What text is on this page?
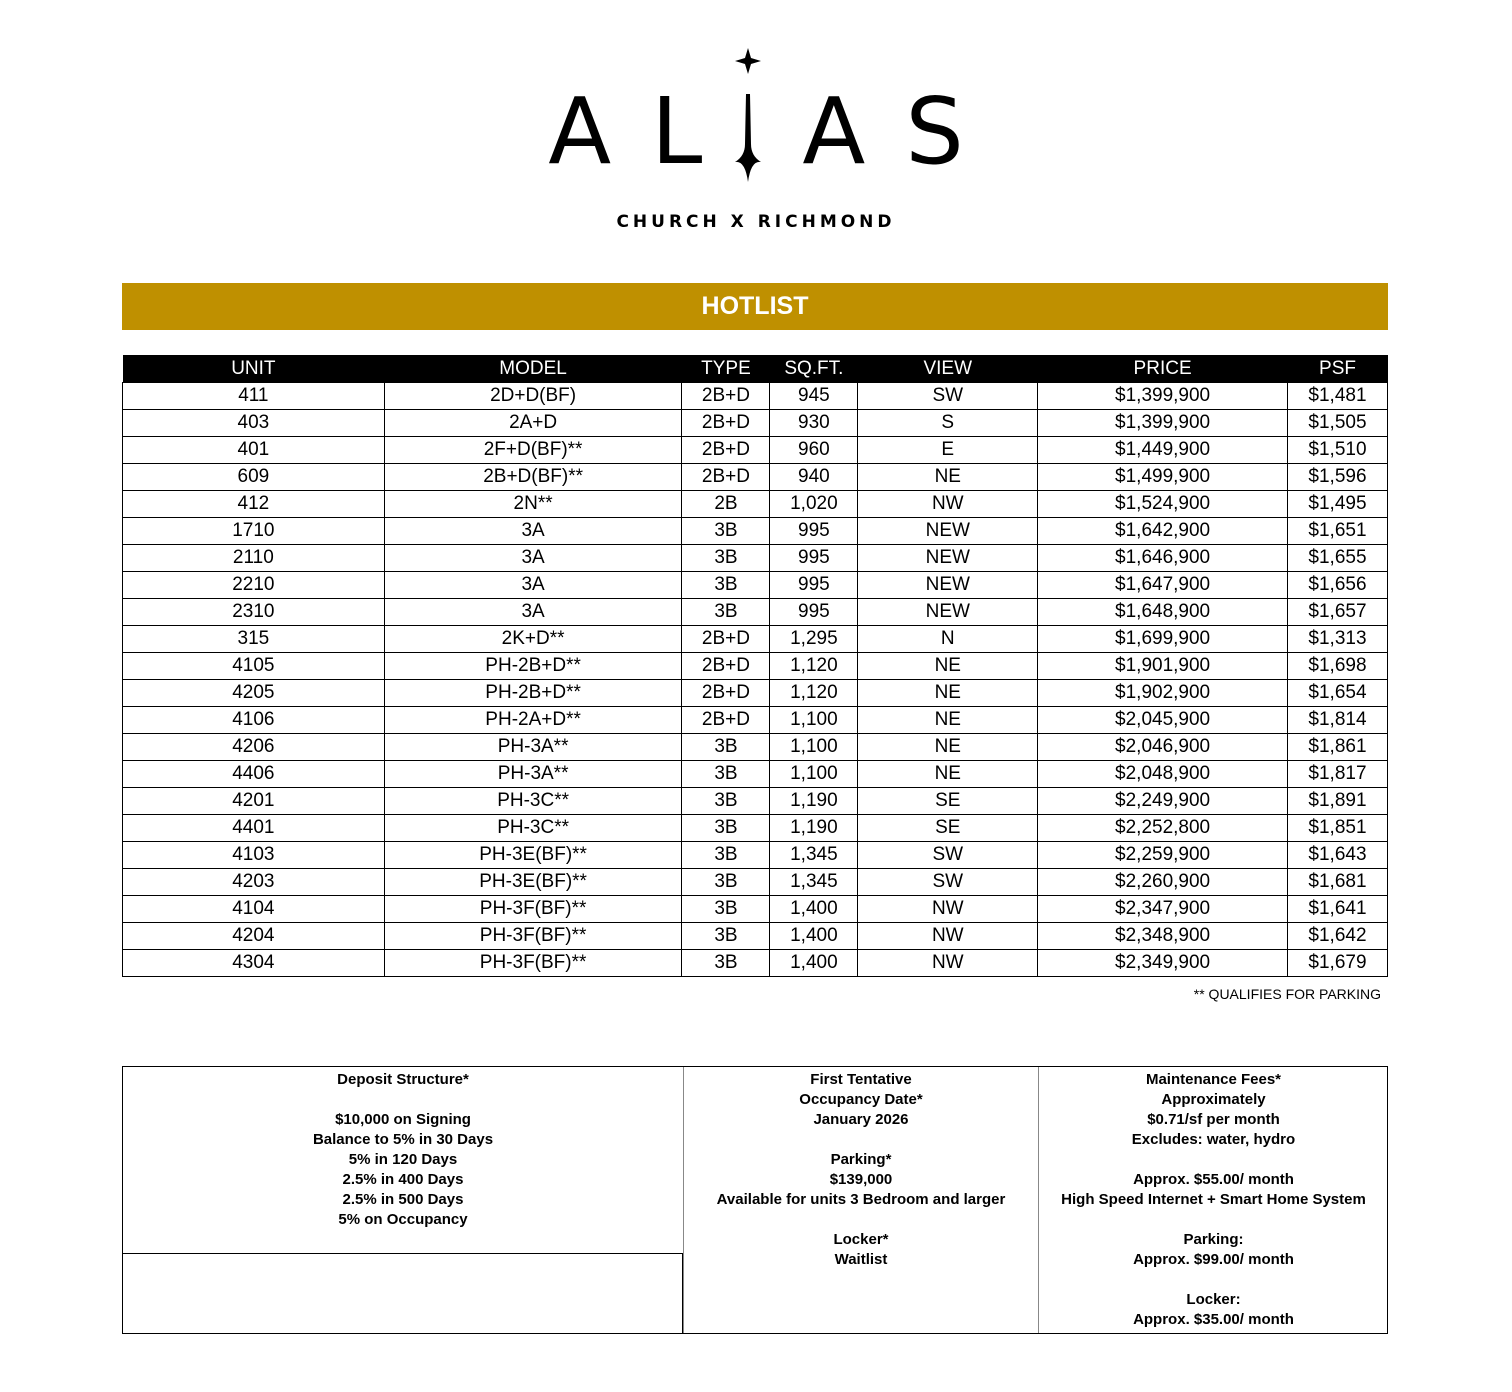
AL AS
CHURCH X RICHMOND
HOTLIST
UNIT	MODEL	TYPE	SQ.FT.	VIEW	PRICE	PSF
411	2D+D(BF)	2B+D	945	SW	$1,399,900	$1,481
403	2A+D	2B+D	930	S	$1,399,900	$1,505
401	2F+D(BF)**	2B+D	960	E	$1,449,900	$1,510
609	2B+D(BF)**	2B+D	940	NE	$1,499,900	$1,596
412	2N**	2B	1,020	NW	$1,524,900	$1,495
1710	3A	3B	995	NEW	$1,642,900	$1,651
2110	3A	3B	995	NEW	$1,646,900	$1,655
2210	3A	3B	995	NEW	$1,647,900	$1,656
2310	3A	3B	995	NEW	$1,648,900	$1,657
315	2K+D**	2B+D	1,295	N	$1,699,900	$1,313
4105	PH-2B+D**	2B+D	1,120	NE	$1,901,900	$1,698
4205	PH-2B+D**	2B+D	1,120	NE	$1,902,900	$1,654
4106	PH-2A+D**	2B+D	1,100	NE	$2,045,900	$1,814
4206	PH-3A**	3B	1,100	NE	$2,046,900	$1,861
4406	PH-3A**	3B	1,100	NE	$2,048,900	$1,817
4201	PH-3C**	3B	1,190	SE	$2,249,900	$1,891
4401	PH-3C**	3B	1,190	SE	$2,252,800	$1,851
4103	PH-3E(BF)**	3B	1,345	SW	$2,259,900	$1,643
4203	PH-3E(BF)**	3B	1,345	SW	$2,260,900	$1,681
4104	PH-3F(BF)**	3B	1,400	NW	$2,347,900	$1,641
4204	PH-3F(BF)**	3B	1,400	NW	$2,348,900	$1,642
4304	PH-3F(BF)**	3B	1,400	NW	$2,349,900	$1,679
** QUALIFIES FOR PARKING
Deposit Structure*
$10,000 on Signing
Balance to 5% in 30 Days
5% in 120 Days
2.5% in 400 Days
2.5% in 500 Days
5% on Occupancy
First Tentative
Occupancy Date*
January 2026
Parking*
$139,000
Available for units 3 Bedroom and larger
Locker*
Waitlist
Maintenance Fees*
Approximately
$0.71/sf per month
Excludes: water, hydro
Approx. $55.00/ month
High Speed Internet + Smart Home System
Parking:
Approx. $99.00/ month
Locker:
Approx. $35.00/ month
